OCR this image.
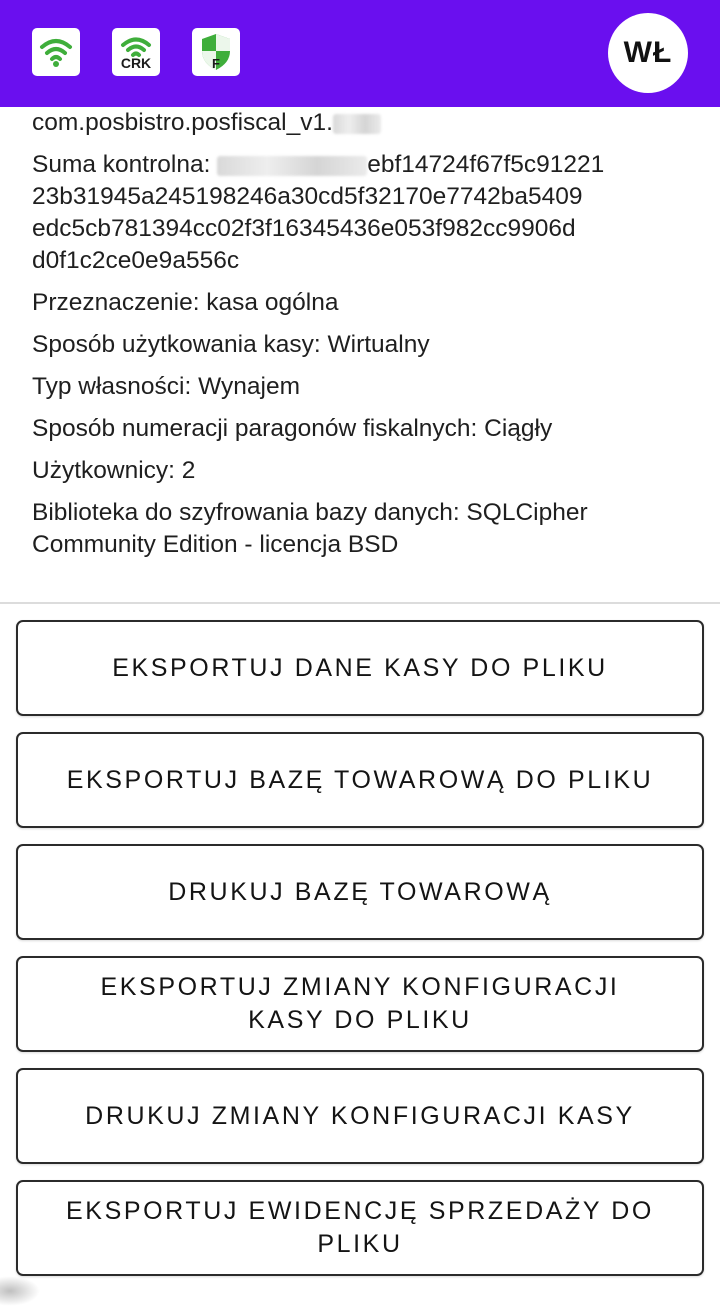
CRK	F	WŁ

com.posbistro.posfiscal_v1.

Suma kontrolna:	ebf14724f67f5c91221

23b31945a245198246a30cd5f32170e7742ba5409

edc5cb781394cc02f3f16345436e053f982cc9906d

d0f1c2ce0e9a556c

Przeznaczenie: kasa ogólna

Sposób użytkowania kasy: Wirtualny

Typ własności: Wynajem

Sposób numeracji paragonów fiskalnych: Ciągły

Użytkownicy: 2

Biblioteka do szyfrowania bazy danych: SQLCipher Community Edition - licencja BSD

EKSPORTUJ DANE KASY DO PLIKU
EKSPORTUJ BAZĘ TOWAROWĄ DO PLIKU
DRUKUJ BAZĘ TOWAROWĄ
EKSPORTUJ ZMIANY KONFIGURACJI KASY DO PLIKU
DRUKUJ ZMIANY KONFIGURACJI KASY
EKSPORTUJ EWIDENCJĘ SPRZEDAŻY DO PLIKU
